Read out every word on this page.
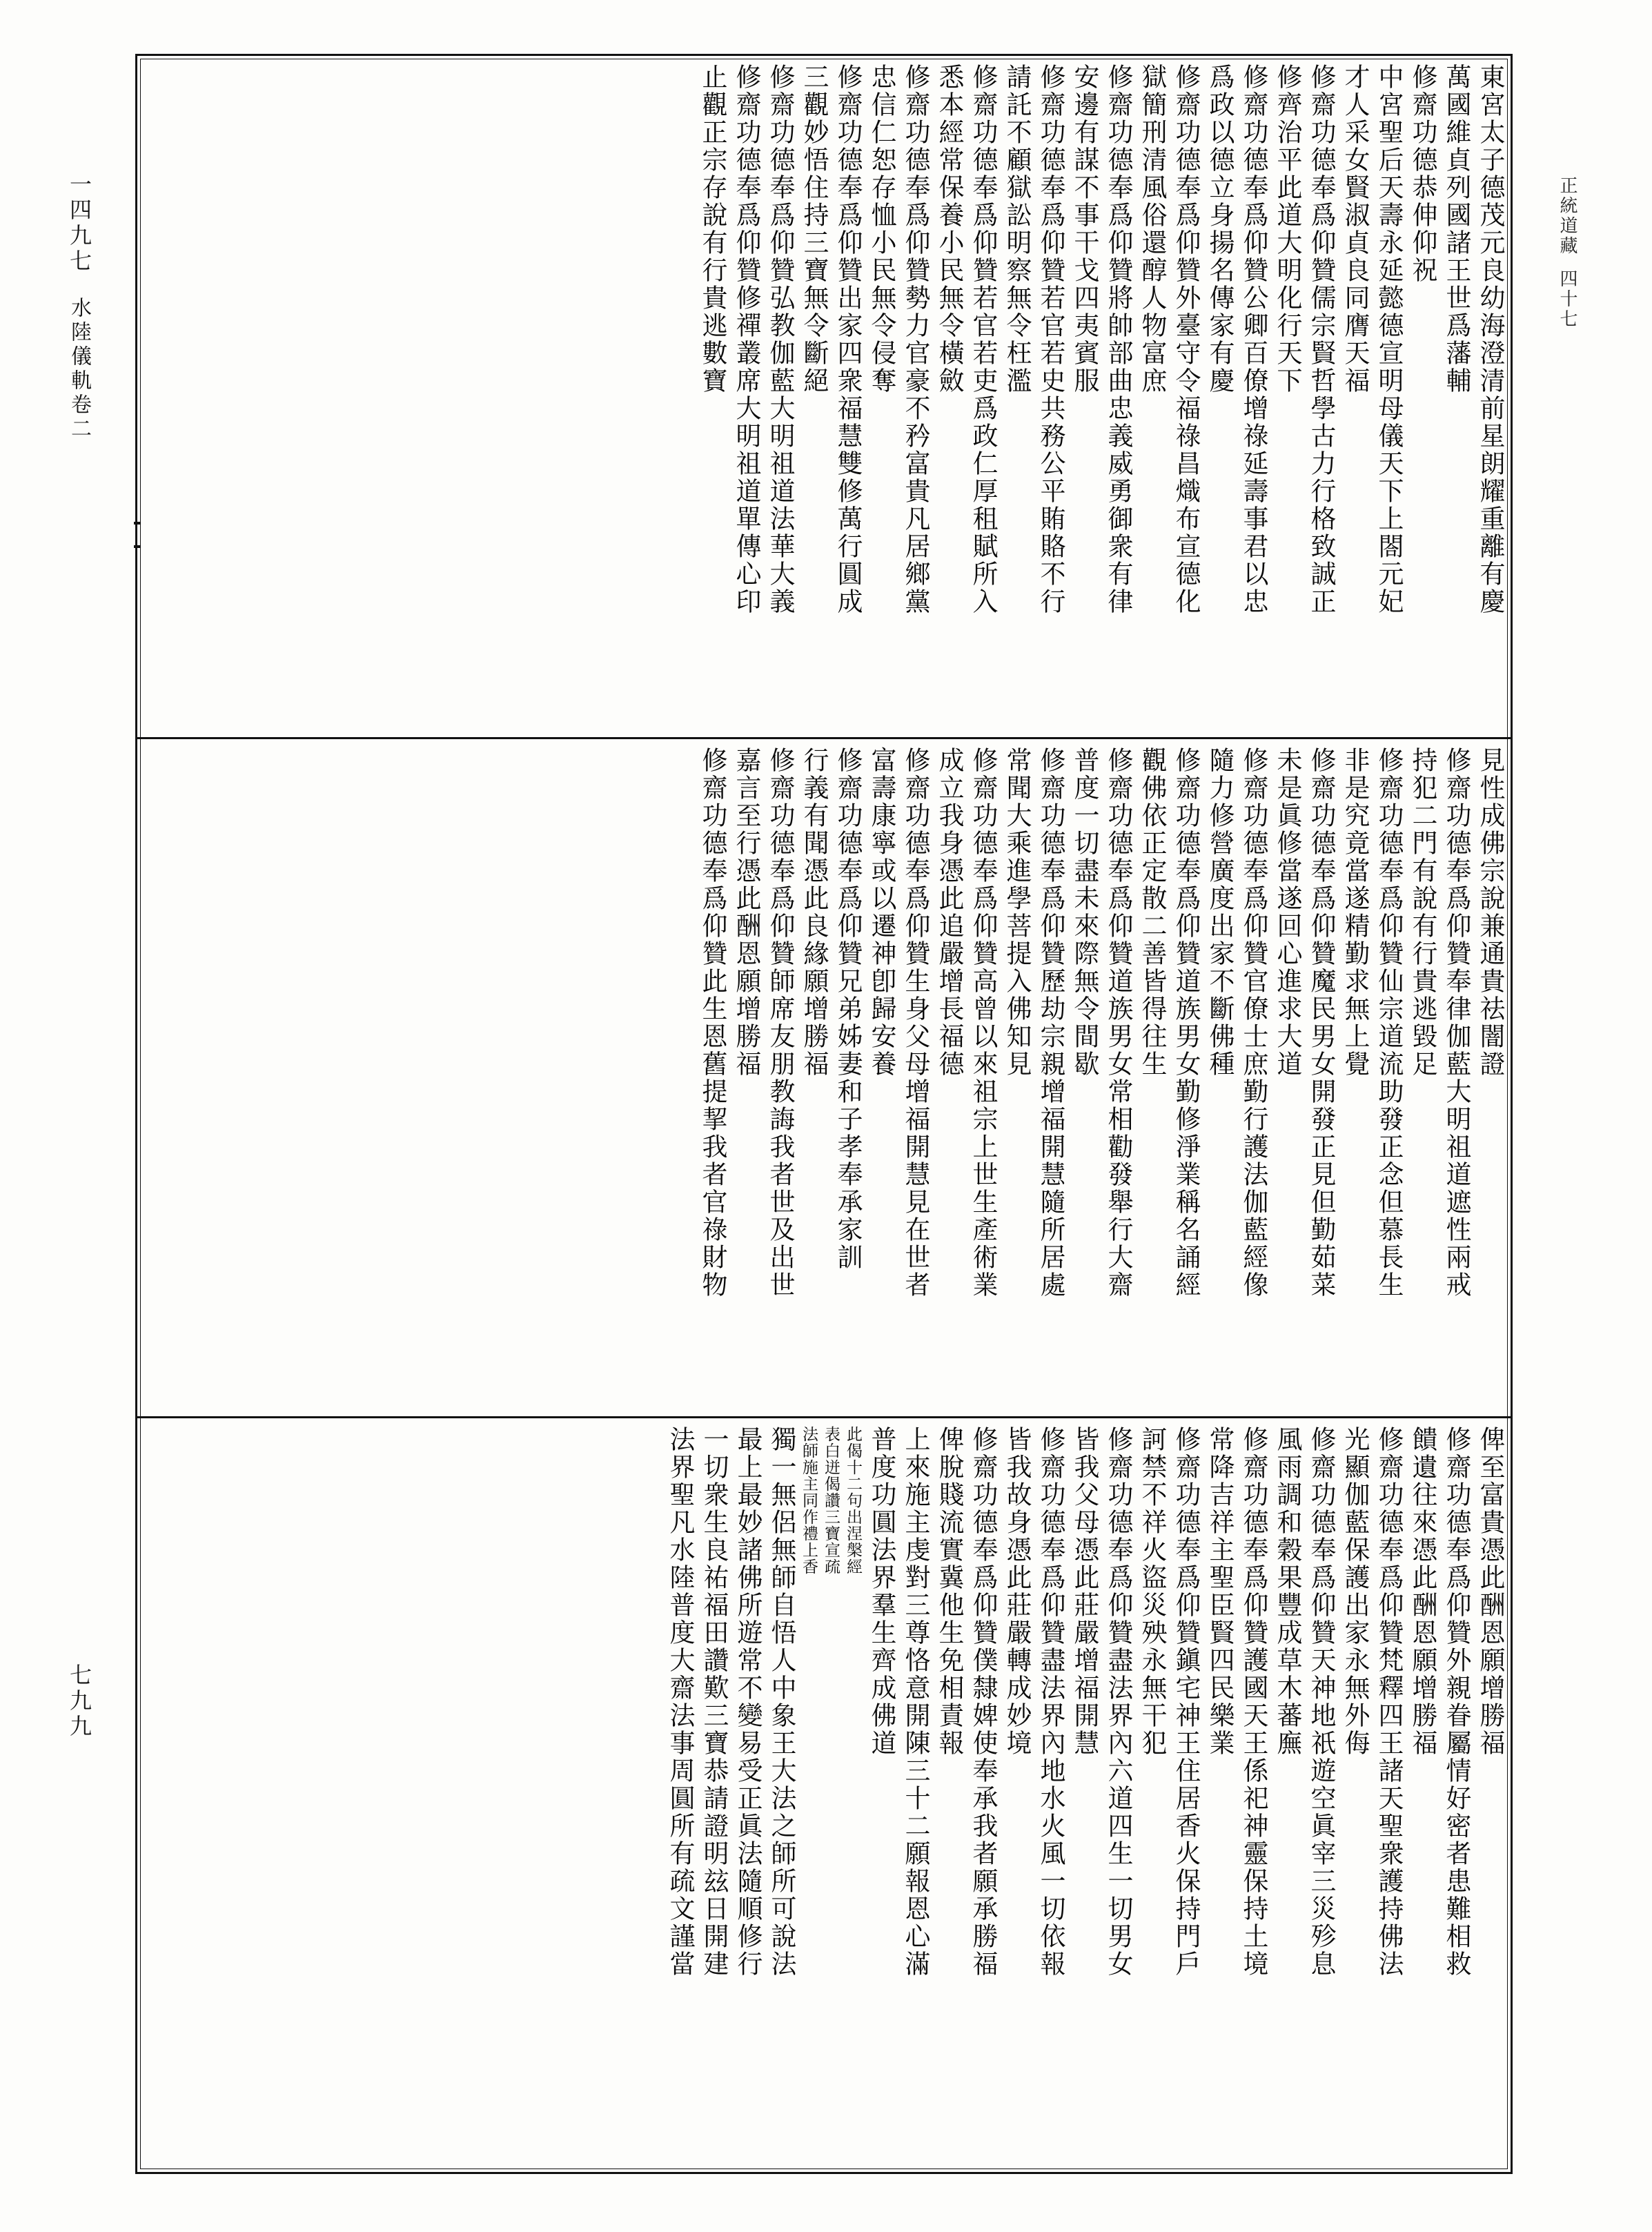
正統道藏
四十七
一四九七
水陸儀軌卷二
七九九
東宮太子德茂元良幼海澄清前星朗耀重離有慶
萬國維貞列國諸王世爲藩輔
修齋功德恭伸仰祝
中宮聖后天壽永延懿德宣明母儀天下上閤元妃
才人采女賢淑貞良同膺天福
修齋功德奉爲仰贊儒宗賢哲學古力行格致誠正
修齊治平此道大明化行天下
修齋功德奉爲仰贊公卿百僚增祿延壽事君以忠
爲政以德立身揚名傳家有慶
修齋功德奉爲仰贊外臺守令福祿昌熾布宣德化
獄簡刑清風俗還醇人物富庶
修齋功德奉爲仰贊將帥部曲忠義威勇御衆有律
安邊有謀不事干戈四夷賓服
修齋功德奉爲仰贊若官若史共務公平賄賂不行
請託不顧獄訟明察無令枉濫
修齋功德奉爲仰贊若官若吏爲政仁厚租賦所入
悉本經常保養小民無令橫斂
修齋功德奉爲仰贊勢力官豪不矜富貴凡居鄉黨
忠信仁恕存恤小民無令侵奪
修齋功德奉爲仰贊出家四衆福慧雙修萬行圓成
三觀妙悟住持三寶無令斷絕
修齋功德奉爲仰贊弘教伽藍大明祖道法華大義
修齋功德奉爲仰贊修禪叢席大明祖道單傳心印
止觀正宗存說有行貴逃數寶
見性成佛宗說兼通貴祛闇證
修齋功德奉爲仰贊奉律伽藍大明祖道遮性兩戒
持犯二門有說有行貴逃毀足
修齋功德奉爲仰贊仙宗道流助發正念但慕長生
非是究竟當遂精勤求無上覺
修齋功德奉爲仰贊魔民男女開發正見但勤茹菜
未是眞修當遂回心進求大道
修齋功德奉爲仰贊官僚士庶勤行護法伽藍經像
隨力修營廣度出家不斷佛種
修齋功德奉爲仰贊道族男女勤修淨業稱名誦經
觀佛依正定散二善皆得往生
修齋功德奉爲仰贊道族男女常相勸發舉行大齋
普度一切盡未來際無令間歇
修齋功德奉爲仰贊歷劫宗親增福開慧隨所居處
常聞大乘進學菩提入佛知見
修齋功德奉爲仰贊高曾以來祖宗上世生產術業
成立我身憑此追嚴增長福德
修齋功德奉爲仰贊生身父母增福開慧見在世者
富壽康寧或以遷神卽歸安養
修齋功德奉爲仰贊兄弟姊妻和子孝奉承家訓
行義有聞憑此良緣願增勝福
修齋功德奉爲仰贊師席友朋教誨我者世及出世
嘉言至行憑此酬恩願增勝福
修齋功德奉爲仰贊此生恩舊提挈我者官祿財物
俾至富貴憑此酬恩願增勝福
修齋功德奉爲仰贊外親眷屬情好密者患難相救
饋遺往來憑此酬恩願增勝福
修齋功德奉爲仰贊梵釋四王諸天聖衆護持佛法
光顯伽藍保護出家永無外侮
修齋功德奉爲仰贊天神地祇遊空眞宰三災殄息
風雨調和穀果豐成草木蕃廡
修齋功德奉爲仰贊護國天王係祀神靈保持土境
常降吉祥主聖臣賢四民樂業
修齋功德奉爲仰贊鎭宅神王住居香火保持門戶
訶禁不祥火盜災殃永無干犯
修齋功德奉爲仰贊盡法界內六道四生一切男女
皆我父母憑此莊嚴增福開慧
修齋功德奉爲仰贊盡法界內地水火風一切依報
皆我故身憑此莊嚴轉成妙境
修齋功德奉爲仰贊僕隸婢使奉承我者願承勝福
俾脫賤流實冀他生免相責報
上來施主虔對三尊恪意開陳三十二願報恩心滿
普度功圓法界羣生齊成佛道
此偈十二句出涅槃經
表白迸偈讚三寶宣疏
法師施主同作禮上香
獨一無侶無師自悟人中象王大法之師所可說法
最上最妙諸佛所遊常不變易受正眞法隨順修行
一切衆生良祐福田讚歎三寶恭請證明玆日開建
法界聖凡水陸普度大齋法事周圓所有疏文謹當
